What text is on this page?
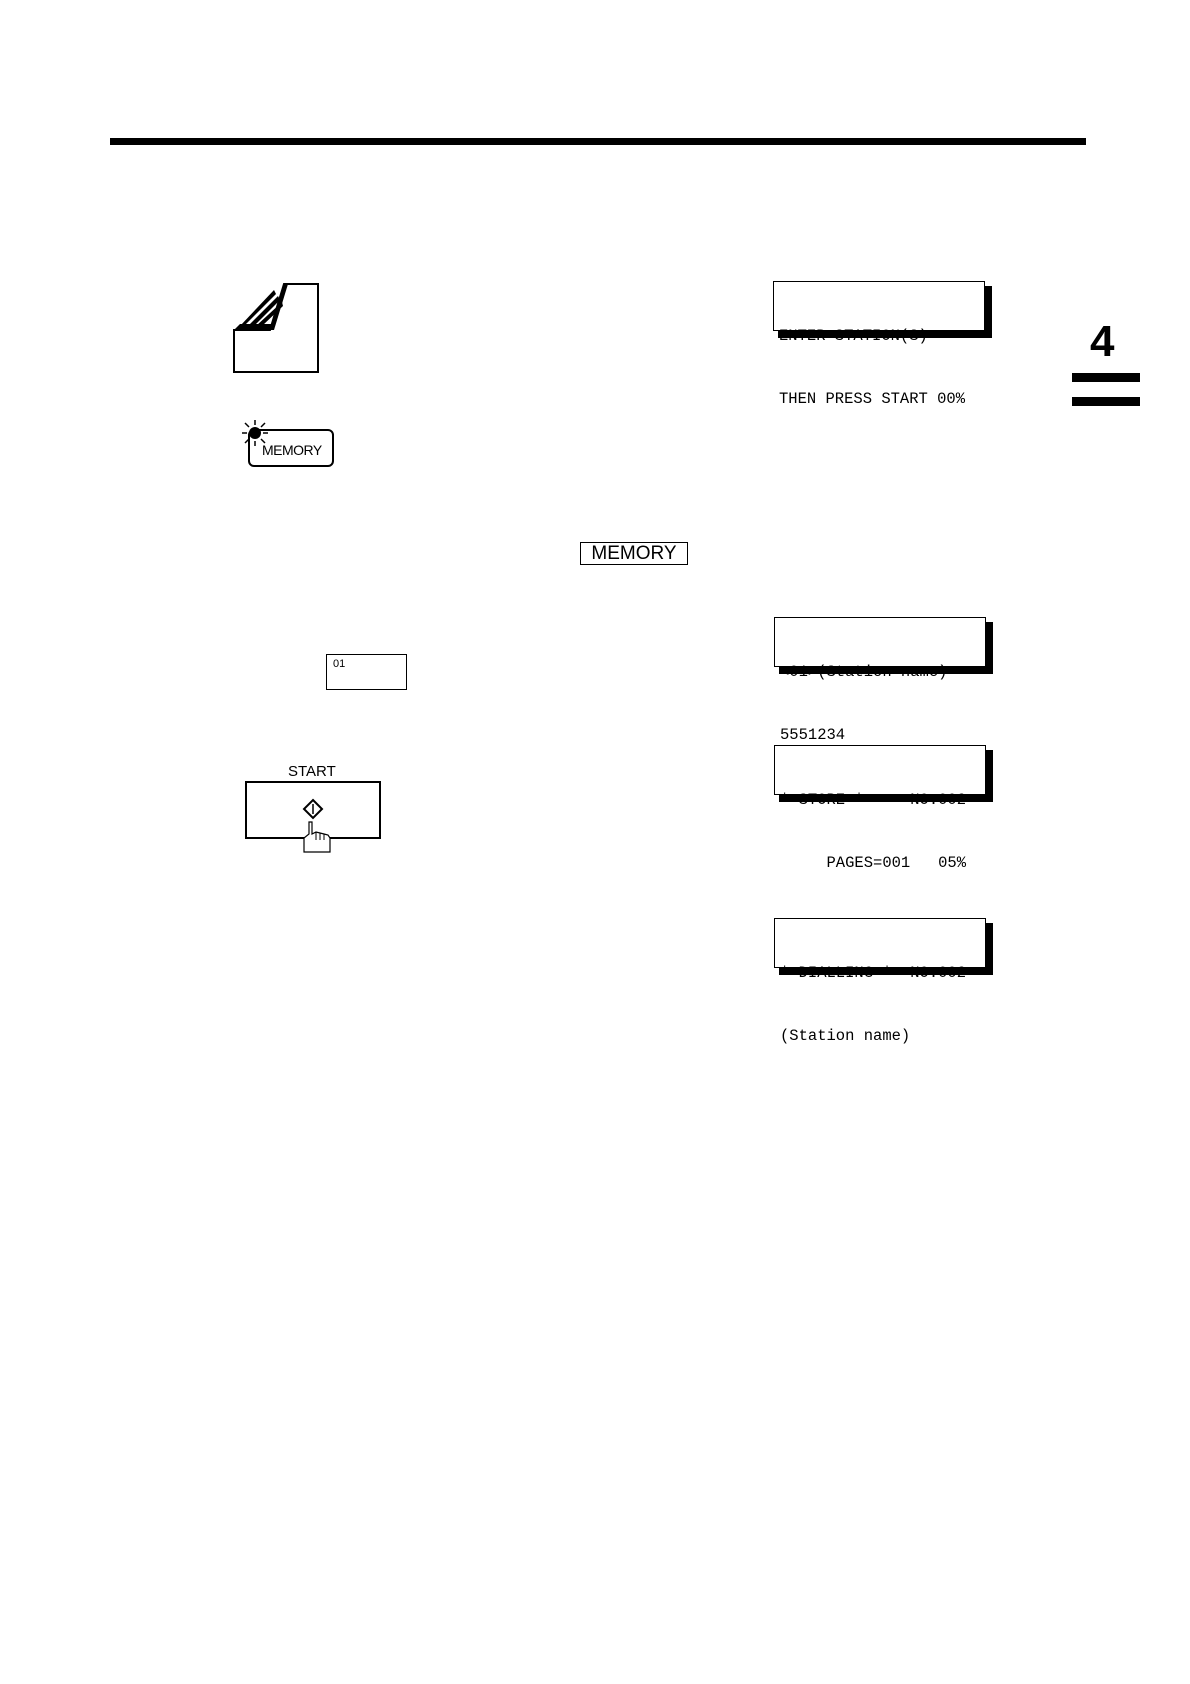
ENTER STATION(S)

THEN PRESS START 00%

4
MEMORY
MEMORY

<01>(Station name)

5551234

01
START

* STORE *     NO.002

PAGES=001   05%

* DIALLING *  NO.002

(Station name)
